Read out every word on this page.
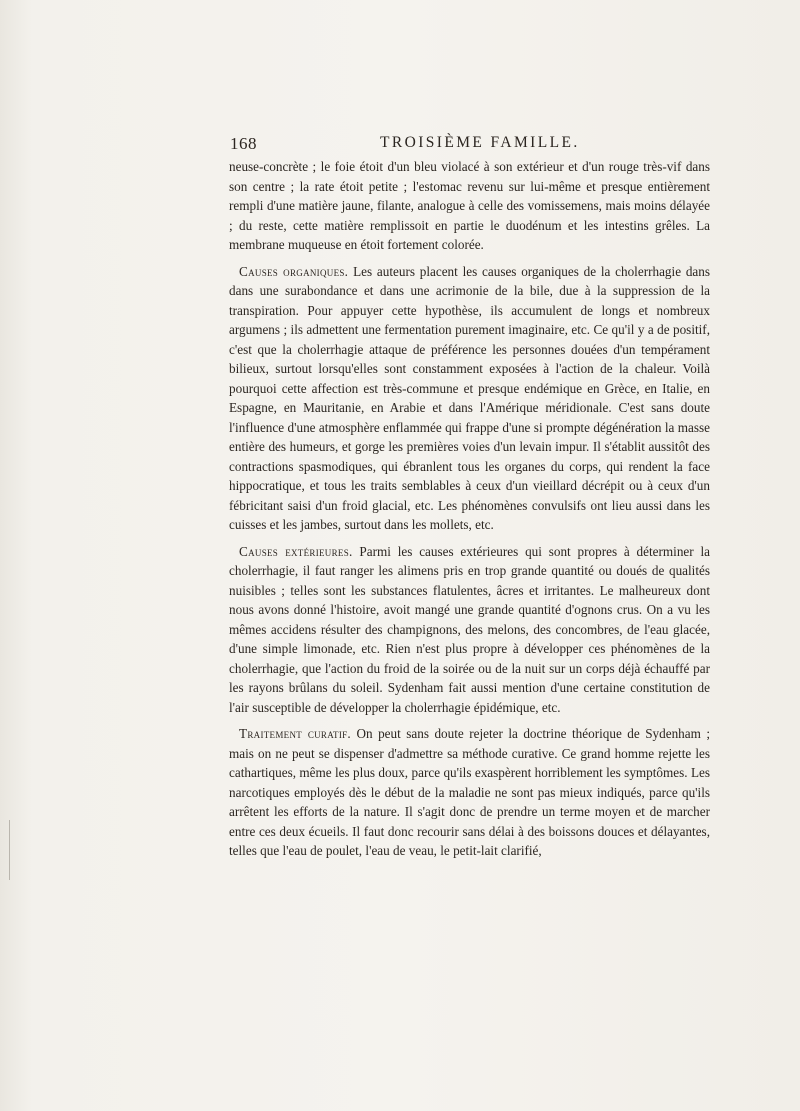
168	TROISIÈME FAMILLE.

neuse-concrète ; le foie étoit d'un bleu violacé à son extérieur et d'un rouge très-vif dans son centre ; la rate étoit petite ; l'estomac revenu sur lui-même et presque entièrement rempli d'une matière jaune, filante, analogue à celle des vomissemens, mais moins délayée ; du reste, cette matière remplissoit en partie le duodénum et les intestins grêles. La membrane muqueuse en étoit fortement colorée.

Causes organiques. Les auteurs placent les causes organiques de la cholerrhagie dans dans une surabondance et dans une acrimonie de la bile, due à la suppression de la transpiration. Pour appuyer cette hypothèse, ils accumulent de longs et nombreux argumens ; ils admettent une fermentation purement imaginaire, etc. Ce qu'il y a de positif, c'est que la cholerrhagie attaque de préférence les personnes douées d'un tempérament bilieux, surtout lorsqu'elles sont constamment exposées à l'action de la chaleur. Voilà pourquoi cette affection est très-commune et presque endémique en Grèce, en Italie, en Espagne, en Mauritanie, en Arabie et dans l'Amérique méridionale. C'est sans doute l'influence d'une atmosphère enflammée qui frappe d'une si prompte dégénération la masse entière des humeurs, et gorge les premières voies d'un levain impur. Il s'établit aussitôt des contractions spasmodiques, qui ébranlent tous les organes du corps, qui rendent la face hippocratique, et tous les traits semblables à ceux d'un vieillard décrépit ou à ceux d'un fébricitant saisi d'un froid glacial, etc. Les phénomènes convulsifs ont lieu aussi dans les cuisses et les jambes, surtout dans les mollets, etc.

Causes extérieures. Parmi les causes extérieures qui sont propres à déterminer la cholerrhagie, il faut ranger les alimens pris en trop grande quantité ou doués de qualités nuisibles ; telles sont les substances flatulentes, âcres et irritantes. Le malheureux dont nous avons donné l'histoire, avoit mangé une grande quantité d'ognons crus. On a vu les mêmes accidens résulter des champignons, des melons, des concombres, de l'eau glacée, d'une simple limonade, etc. Rien n'est plus propre à développer ces phénomènes de la cholerrhagie, que l'action du froid de la soirée ou de la nuit sur un corps déjà échauffé par les rayons brûlans du soleil. Sydenham fait aussi mention d'une certaine constitution de l'air susceptible de développer la cholerrhagie épidémique, etc.

Traitement curatif. On peut sans doute rejeter la doctrine théorique de Sydenham ; mais on ne peut se dispenser d'admettre sa méthode curative. Ce grand homme rejette les cathartiques, même les plus doux, parce qu'ils exaspèrent horriblement les symptômes. Les narcotiques employés dès le début de la maladie ne sont pas mieux indiqués, parce qu'ils arrêtent les efforts de la nature. Il s'agit donc de prendre un terme moyen et de marcher entre ces deux écueils. Il faut donc recourir sans délai à des boissons douces et délayantes, telles que l'eau de poulet, l'eau de veau, le petit-lait clarifié,
